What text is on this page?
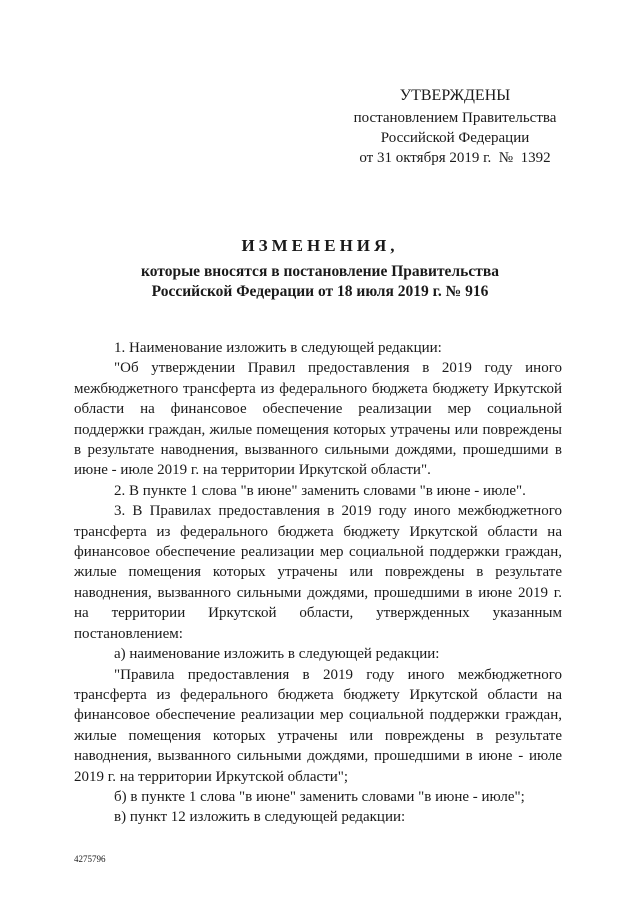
УТВЕРЖДЕНЫ
постановлением Правительства
Российской Федерации
от 31 октября 2019 г.  №  1392
ИЗМЕНЕНИЯ,
которые вносятся в постановление Правительства
Российской Федерации от 18 июля 2019 г. № 916

1. Наименование изложить в следующей редакции:

"Об утверждении Правил предоставления в 2019 году иного межбюджетного трансферта из федерального бюджета бюджету Иркутской области на финансовое обеспечение реализации мер социальной поддержки граждан, жилые помещения которых утрачены или повреждены в результате наводнения, вызванного сильными дождями, прошедшими в июне - июле 2019 г. на территории Иркутской области".

2. В пункте 1 слова "в июне" заменить словами "в июне - июле".

3. В Правилах предоставления в 2019 году иного межбюджетного трансферта из федерального бюджета бюджету Иркутской области на финансовое обеспечение реализации мер социальной поддержки граждан, жилые помещения которых утрачены или повреждены в результате наводнения, вызванного сильными дождями, прошедшими в июне 2019 г. на территории Иркутской области, утвержденных указанным постановлением:

а) наименование изложить в следующей редакции:

"Правила предоставления в 2019 году иного межбюджетного трансферта из федерального бюджета бюджету Иркутской области на финансовое обеспечение реализации мер социальной поддержки граждан, жилые помещения которых утрачены или повреждены в результате наводнения, вызванного сильными дождями, прошедшими в июне - июле 2019 г. на территории Иркутской области";

б) в пункте 1 слова "в июне" заменить словами "в июне - июле";

в) пункт 12 изложить в следующей редакции:

4275796
